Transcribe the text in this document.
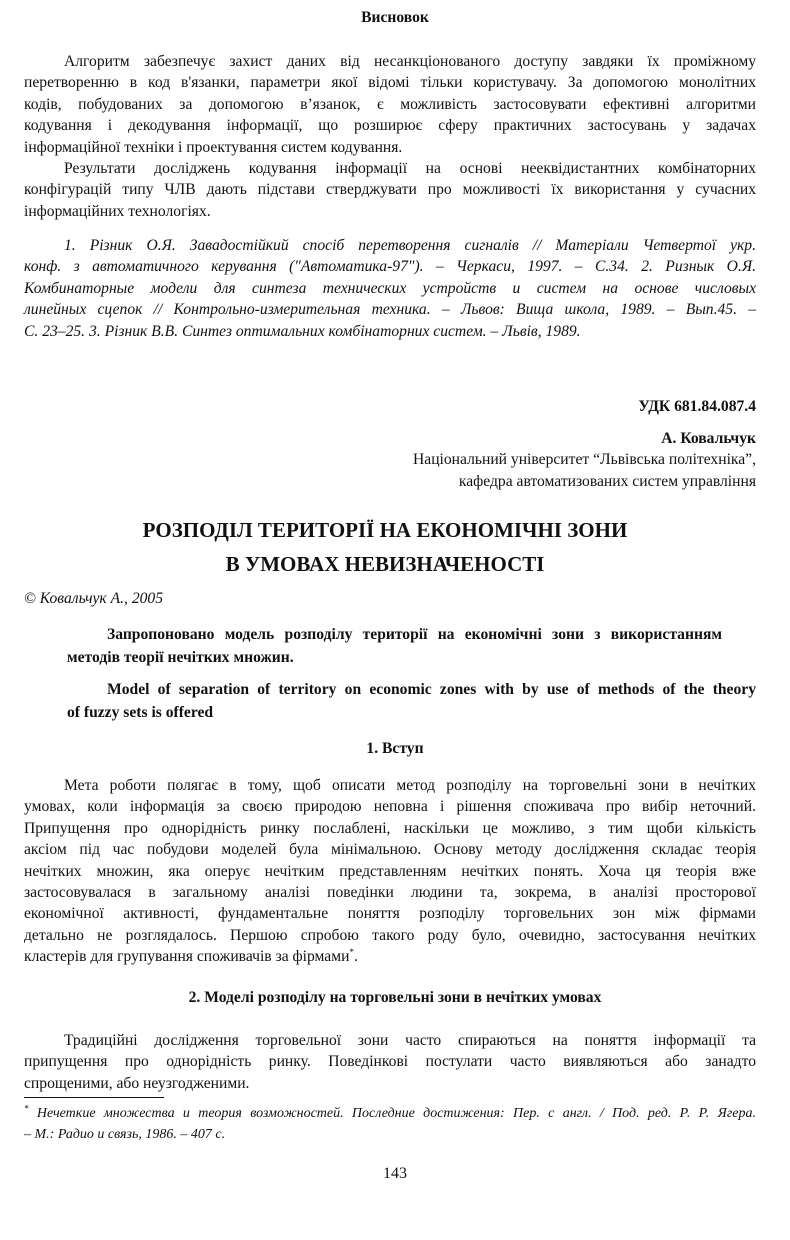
Висновок
Алгоритм забезпечує захист даних від несанкціонованого доступу завдяки їх проміжному
перетворенню в код в'язанки, параметри якої відомі тільки користувачу. За допомогою монолітних
кодів, побудованих за допомогою в’язанок, є можливість застосовувати ефективні алгоритми
кодування і декодування інформації, що розширює сферу практичних застосувань у задачах
інформаційної техніки і проектування систем кодування.
Результати досліджень кодування інформації на основі нееквідистантних комбінаторних
конфігурацій типу ЧЛВ дають підстави стверджувати про можливості їх використання у сучасних
інформаційних технологіях.
1. Різник О.Я. Завадостійкий спосіб перетворення сигналів // Матеріали Четвертої укр.
конф. з автоматичного керування ("Автоматика-97"). – Черкаси, 1997. – С.34. 2. Ризнык О.Я.
Комбинаторные модели для синтеза технических устройств и систем на основе числовых
линейных сцепок // Контрольно-измерительная техника. – Львов: Вища школа, 1989. – Вып.45. –
С. 23–25. 3. Різник В.В. Синтез оптимальних комбінаторних систем. – Львів, 1989.
УДК 681.84.087.4
А. Ковальчук
Національний університет “Львівська політехніка”,
кафедра автоматизованих систем управління
РОЗПОДІЛ ТЕРИТОРІЇ НА ЕКОНОМІЧНІ ЗОНИ
В УМОВАХ НЕВИЗНАЧЕНОСТІ
© Ковальчук А., 2005
Запропоновано модель розподілу території на економічні зони з використанням
методів теорії нечітких множин.
Model of separation of territory on economic zones with by use of methods of the theory
of fuzzy sets is offered
1. Вступ
Мета роботи полягає в тому, щоб описати метод розподілу на торговельні зони в нечітких
умовах, коли інформація за своєю природою неповна і рішення споживача про вибір неточний.
Припущення про однорідність ринку послаблені, наскільки це можливо, з тим щоби кількість
аксіом під час побудови моделей була мінімальною. Основу методу дослідження складає теорія
нечітких множин, яка оперує нечітким представленням нечітких понять. Хоча ця теорія вже
застосовувалася в загальному аналізі поведінки людини та, зокрема, в аналізі просторової
економічної активності, фундаментальне поняття розподілу торговельних зон між фірмами
детально не розглядалось. Першою спробою такого роду було, очевидно, застосування нечітких
кластерів для групування споживачів за фірмами*.
2. Моделі розподілу на торговельні зони в нечітких умовах
Традиційні дослідження торговельної зони часто спираються на поняття інформації та
припущення про однорідність ринку. Поведінкові постулати часто виявляються або занадто
спрощеними, або неузгодженими.
* Нечеткие множества и теория возможностей. Последние достижения: Пер. с англ. / Под. ред. Р. Р. Ягера.
– М.: Радио и связь, 1986. – 407 с.
143
